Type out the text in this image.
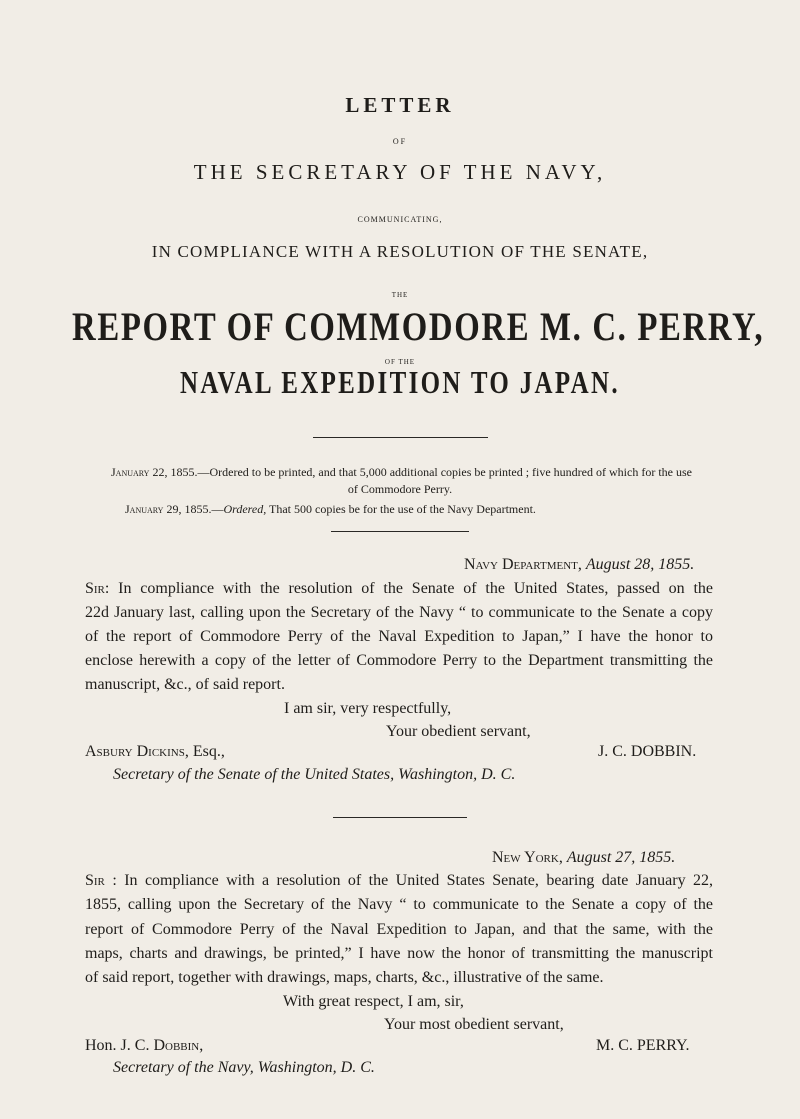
LETTER
OF
THE SECRETARY OF THE NAVY,
COMMUNICATING,
IN COMPLIANCE WITH A RESOLUTION OF THE SENATE,
THE
REPORT OF COMMODORE M. C. PERRY,
OF THE
NAVAL EXPEDITION TO JAPAN.
January 22, 1855.—Ordered to be printed, and that 5,000 additional copies be printed ; five hundred of which for the use
of Commodore Perry.
January 29, 1855.—Ordered, That 500 copies be for the use of the Navy Department.
Navy Department, August 28, 1855.
Sir: In compliance with the resolution of the Senate of the United States, passed on the
22d January last, calling upon the Secretary of the Navy “ to communicate to the Senate a copy
of the report of Commodore Perry of the Naval Expedition to Japan,” I have the honor to
enclose herewith a copy of the letter of Commodore Perry to the Department transmitting the
manuscript, &c., of said report.
I am sir, very respectfully,
Your obedient servant,
Asbury Dickins, Esq.,	J. C. DOBBIN.
Secretary of the Senate of the United States, Washington, D. C.
New York, August 27, 1855.
Sir : In compliance with a resolution of the United States Senate, bearing date January 22,
1855, calling upon the Secretary of the Navy “ to communicate to the Senate a copy of the
report of Commodore Perry of the Naval Expedition to Japan, and that the same, with the
maps, charts and drawings, be printed,” I have now the honor of transmitting the manuscript
of said report, together with drawings, maps, charts, &c., illustrative of the same.
With great respect, I am, sir,
Your most obedient servant,
Hon. J. C. Dobbin,	M. C. PERRY.
Secretary of the Navy, Washington, D. C.
